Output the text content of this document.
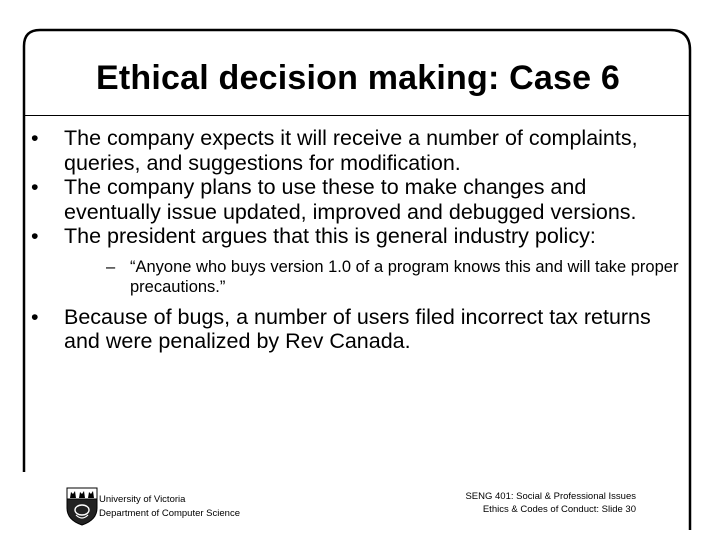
Ethical decision making: Case 6
• The company expects it will receive a number of complaints, queries, and suggestions for modification.
• The company plans to use these to make changes and eventually issue updated, improved and debugged versions.
• The president argues that this is general industry policy:
– “Anyone who buys version 1.0 of a program knows this and will take proper precautions.”
• Because of bugs, a number of users filed incorrect tax returns and were penalized by Rev Canada.
University of Victoria
Department of Computer Science
SENG 401: Social & Professional Issues
Ethics & Codes of Conduct: Slide 30
